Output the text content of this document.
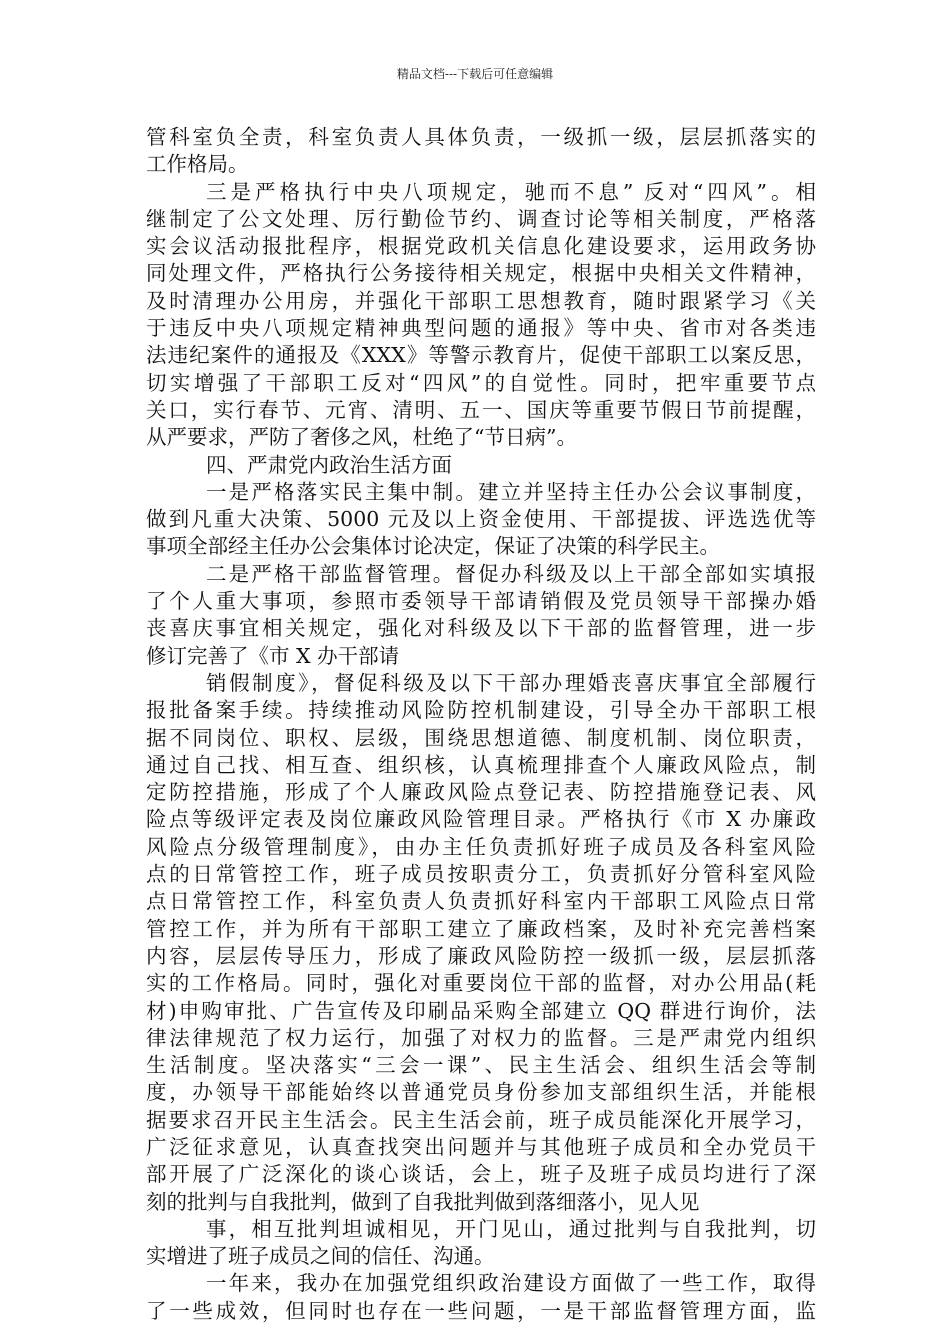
精品文档---下载后可任意编辑
管科室负全责，科室负责人具体负责，一级抓一级，层层抓落实的
工作格局。
三是严格执行中央八项规定，驰而不息” 反对“四风”。相
继制定了公文处理、厉行勤俭节约、调查讨论等相关制度，严格落
实会议活动报批程序，根据党政机关信息化建设要求，运用政务协
同处理文件，严格执行公务接待相关规定，根据中央相关文件精神，
及时清理办公用房，并强化干部职工思想教育，随时跟紧学习《关
于违反中央八项规定精神典型问题的通报》等中央、省市对各类违
法违纪案件的通报及《XXX》等警示教育片，促使干部职工以案反思，
切实增强了干部职工反对“四风”的自觉性。同时，把牢重要节点
关口，实行春节、元宵、清明、五一、国庆等重要节假日节前提醒，
从严要求，严防了奢侈之风，杜绝了“节日病”。
四、严肃党内政治生活方面
一是严格落实民主集中制。建立并坚持主任办公会议事制度，
做到凡重大决策、5000 元及以上资金使用、干部提拔、评选选优等
事项全部经主任办公会集体讨论决定，保证了决策的科学民主。
二是严格干部监督管理。督促办科级及以上干部全部如实填报
了个人重大事项，参照市委领导干部请销假及党员领导干部操办婚
丧喜庆事宜相关规定，强化对科级及以下干部的监督管理，进一步
修订完善了《市 X 办干部请
销假制度》，督促科级及以下干部办理婚丧喜庆事宜全部履行
报批备案手续。持续推动风险防控机制建设，引导全办干部职工根
据不同岗位、职权、层级，围绕思想道德、制度机制、岗位职责，
通过自己找、相互查、组织核，认真梳理排查个人廉政风险点，制
定防控措施，形成了个人廉政风险点登记表、防控措施登记表、风
险点等级评定表及岗位廉政风险管理目录。严格执行《市 X 办廉政
风险点分级管理制度》，由办主任负责抓好班子成员及各科室风险
点的日常管控工作，班子成员按职责分工，负责抓好分管科室风险
点日常管控工作，科室负责人负责抓好科室内干部职工风险点日常
管控工作，并为所有干部职工建立了廉政档案，及时补充完善档案
内容，层层传导压力，形成了廉政风险防控一级抓一级，层层抓落
实的工作格局。同时，强化对重要岗位干部的监督，对办公用品(耗
材)申购审批、广告宣传及印刷品采购全部建立 QQ 群进行询价，法
律法律规范了权力运行，加强了对权力的监督。三是严肃党内组织
生活制度。坚决落实“三会一课”、民主生活会、组织生活会等制
度，办领导干部能始终以普通党员身份参加支部组织生活，并能根
据要求召开民主生活会。民主生活会前，班子成员能深化开展学习，
广泛征求意见，认真查找突出问题并与其他班子成员和全办党员干
部开展了广泛深化的谈心谈话，会上，班子及班子成员均进行了深
刻的批判与自我批判，做到了自我批判做到落细落小，见人见
事，相互批判坦诚相见，开门见山，通过批判与自我批判，切
实增进了班子成员之间的信任、沟通。
一年来，我办在加强党组织政治建设方面做了一些工作，取得
了一些成效，但同时也存在一些问题，一是干部监督管理方面，监
